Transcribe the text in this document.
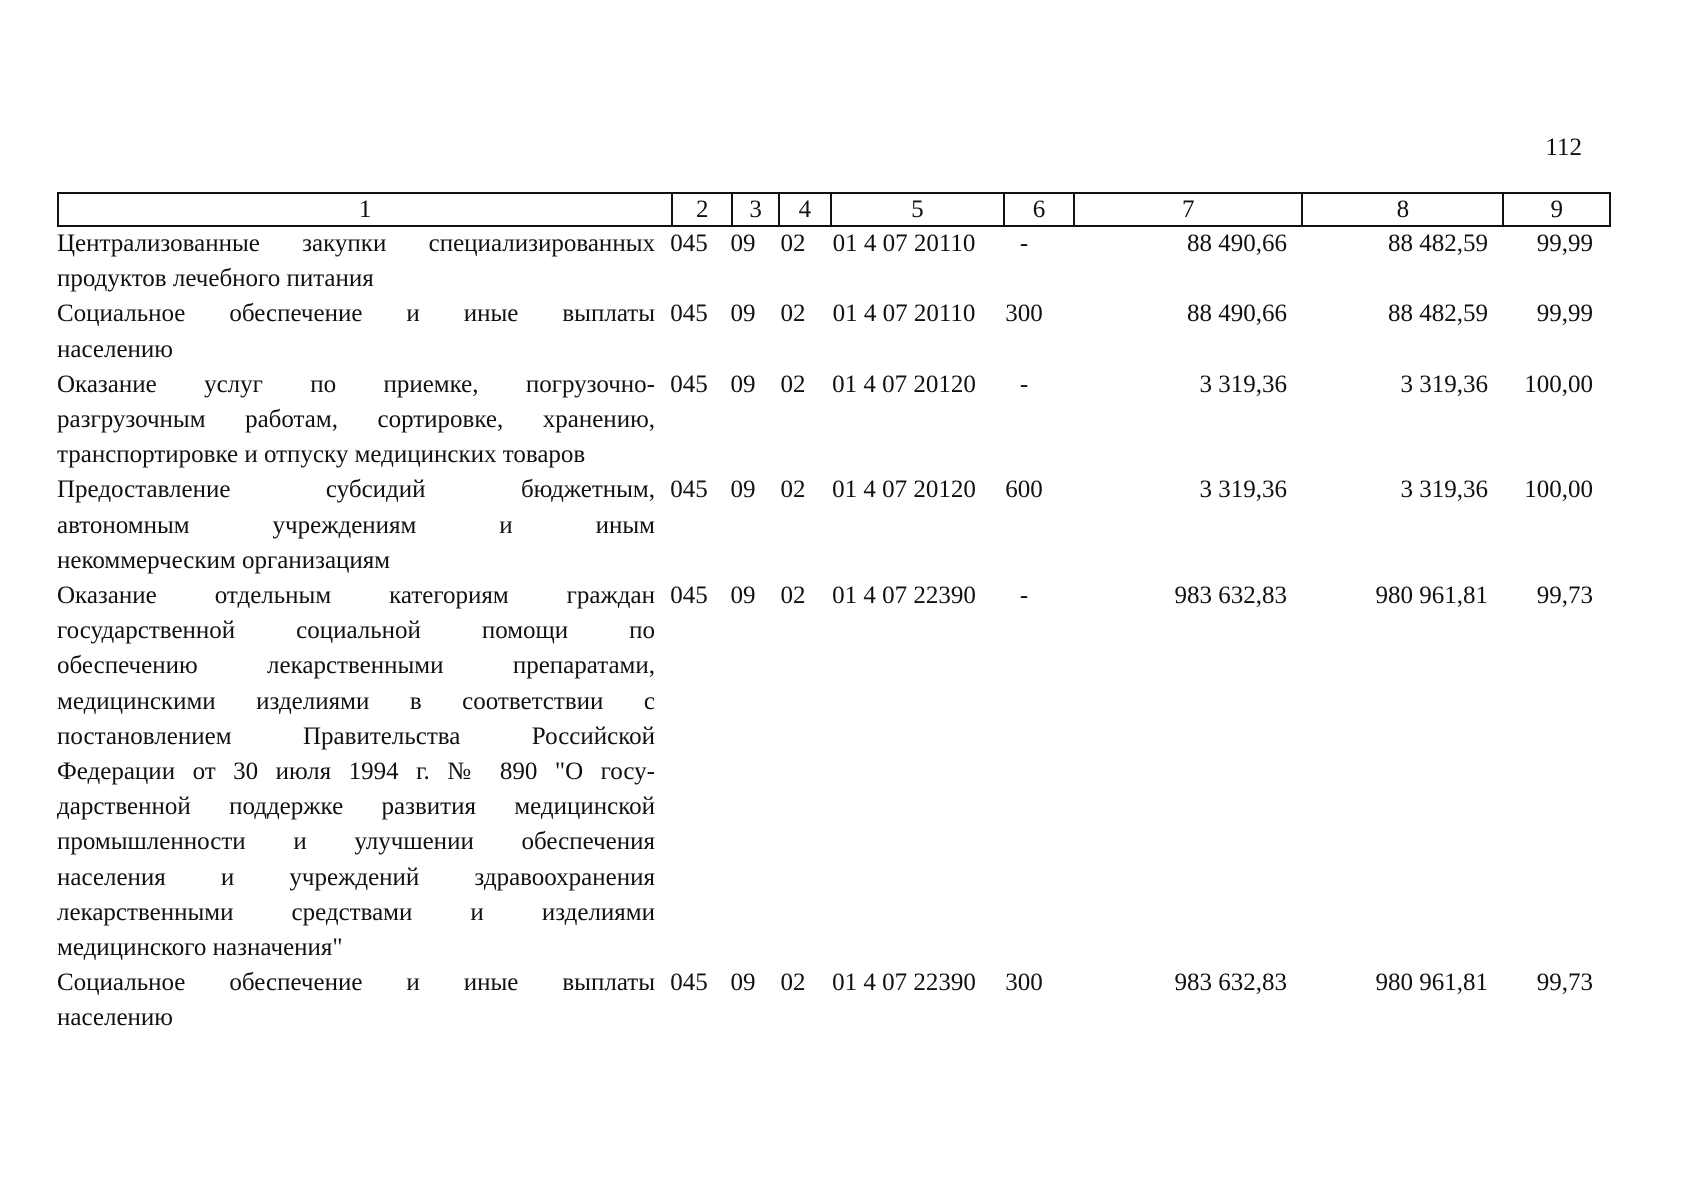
112
1	2	3	4	5	6	7	8	9
Централизованные закупки специализированных
продуктов лечебного питания
045 09	02	01 4 07 20110	-	88 490,66	88 482,59	99,99
Социальное обеспечение и иные выплаты
населению
045 09	02	01 4 07 20110	300	88 490,66	88 482,59	99,99
Оказание услуг по приемке, погрузочно-
разгрузочным работам, сортировке, хранению,
транспортировке и отпуску медицинских товаров
045 09	02	01 4 07 20120	-	3 319,36	3 319,36	100,00
Предоставление субсидий бюджетным,
автономным учреждениям и иным
некоммерческим организациям
045 09	02	01 4 07 20120	600	3 319,36	3 319,36	100,00
Оказание отдельным категориям граждан
государственной социальной помощи по
обеспечению лекарственными препаратами,
медицинскими изделиями в соответствии с
постановлением Правительства Российской
Федерации от 30 июля 1994 г. № 890 "О госу-
дарственной поддержке развития медицинской
промышленности и улучшении обеспечения
населения и учреждений здравоохранения
лекарственными средствами и изделиями
медицинского назначения"
045 09	02	01 4 07 22390	-	983 632,83	980 961,81	99,73
Социальное обеспечение и иные выплаты
населению
045 09	02	01 4 07 22390	300	983 632,83	980 961,81	99,73
